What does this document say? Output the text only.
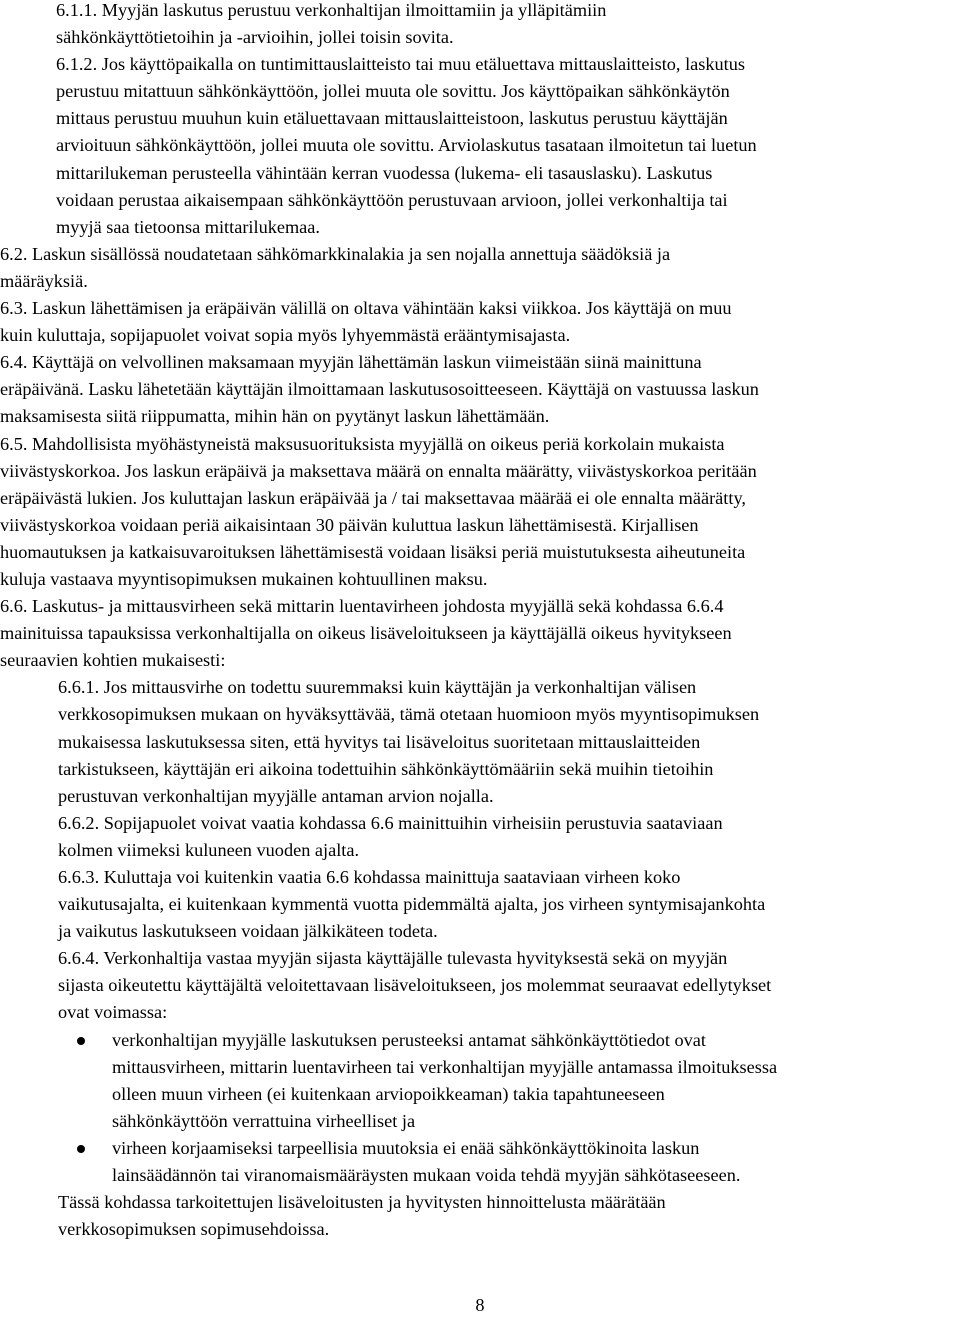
6.1.1. Myyjän laskutus perustuu verkonhaltijan ilmoittamiin ja ylläpitämiin
sähkönkäyttötietoihin ja -arvioihin, jollei toisin sovita.
6.1.2. Jos käyttöpaikalla on tuntimittauslaitteisto tai muu etäluettava mittauslaitteisto, laskutus
perustuu mitattuun sähkönkäyttöön, jollei muuta ole sovittu. Jos käyttöpaikan sähkönkäytön
mittaus perustuu muuhun kuin etäluettavaan mittauslaitteistoon, laskutus perustuu käyttäjän
arvioituun sähkönkäyttöön, jollei muuta ole sovittu. Arviolaskutus tasataan ilmoitetun tai luetun
mittarilukeman perusteella vähintään kerran vuodessa (lukema- eli tasauslasku). Laskutus
voidaan perustaa aikaisempaan sähkönkäyttöön perustuvaan arvioon, jollei verkonhaltija tai
myyjä saa tietoonsa mittarilukemaa.
6.2. Laskun sisällössä noudatetaan sähkömarkkinalakia ja sen nojalla annettuja säädöksiä ja
määräyksiä.
6.3. Laskun lähettämisen ja eräpäivän välillä on oltava vähintään kaksi viikkoa. Jos käyttäjä on muu
kuin kuluttaja, sopijapuolet voivat sopia myös lyhyemmästä erääntymisajasta.
6.4. Käyttäjä on velvollinen maksamaan myyjän lähettämän laskun viimeistään siinä mainittuna
eräpäivänä. Lasku lähetetään käyttäjän ilmoittamaan laskutusosoitteeseen. Käyttäjä on vastuussa laskun
maksamisesta siitä riippumatta, mihin hän on pyytänyt laskun lähettämään.
6.5. Mahdollisista myöhästyneistä maksusuorituksista myyjällä on oikeus periä korkolain mukaista
viivästyskorkoa. Jos laskun eräpäivä ja maksettava määrä on ennalta määrätty, viivästyskorkoa peritään
eräpäivästä lukien. Jos kuluttajan laskun eräpäivää ja / tai maksettavaa määrää ei ole ennalta määrätty,
viivästyskorkoa voidaan periä aikaisintaan 30 päivän kuluttua laskun lähettämisestä. Kirjallisen
huomautuksen ja katkaisuvaroituksen lähettämisestä voidaan lisäksi periä muistutuksesta aiheutuneita
kuluja vastaava myyntisopimuksen mukainen kohtuullinen maksu.
6.6. Laskutus- ja mittausvirheen sekä mittarin luentavirheen johdosta myyjällä sekä kohdassa 6.6.4
mainituissa tapauksissa verkonhaltijalla on oikeus lisäveloitukseen ja käyttäjällä oikeus hyvitykseen
seuraavien kohtien mukaisesti:
6.6.1. Jos mittausvirhe on todettu suuremmaksi kuin käyttäjän ja verkonhaltijan välisen
verkkosopimuksen mukaan on hyväksyttävää, tämä otetaan huomioon myös myyntisopimuksen
mukaisessa laskutuksessa siten, että hyvitys tai lisäveloitus suoritetaan mittauslaitteiden
tarkistukseen, käyttäjän eri aikoina todettuihin sähkönkäyttömääriin sekä muihin tietoihin
perustuvan verkonhaltijan myyjälle antaman arvion nojalla.
6.6.2. Sopijapuolet voivat vaatia kohdassa 6.6 mainittuihin virheisiin perustuvia saataviaan
kolmen viimeksi kuluneen vuoden ajalta.
6.6.3. Kuluttaja voi kuitenkin vaatia 6.6 kohdassa mainittuja saataviaan virheen koko
vaikutusajalta, ei kuitenkaan kymmentä vuotta pidemmältä ajalta, jos virheen syntymisajankohta
ja vaikutus laskutukseen voidaan jälkikäteen todeta.
6.6.4. Verkonhaltija vastaa myyjän sijasta käyttäjälle tulevasta hyvityksestä sekä on myyjän
sijasta oikeutettu käyttäjältä veloitettavaan lisäveloitukseen, jos molemmat seuraavat edellytykset
ovat voimassa:
verkonhaltijan myyjälle laskutuksen perusteeksi antamat sähkönkäyttötiedot ovat
mittausvirheen, mittarin luentavirheen tai verkonhaltijan myyjälle antamassa ilmoituksessa
olleen muun virheen (ei kuitenkaan arviopoikkeaman) takia tapahtuneeseen
sähkönkäyttöön verrattuina virheelliset ja
virheen korjaamiseksi tarpeellisia muutoksia ei enää sähkönkäyttökinoita laskun
lainsäädännön tai viranomaismääräysten mukaan voida tehdä myyjän sähkötaseeseen.
Tässä kohdassa tarkoitettujen lisäveloitusten ja hyvitysten hinnoittelusta määrätään
verkkosopimuksen sopimusehdoissa.
8
